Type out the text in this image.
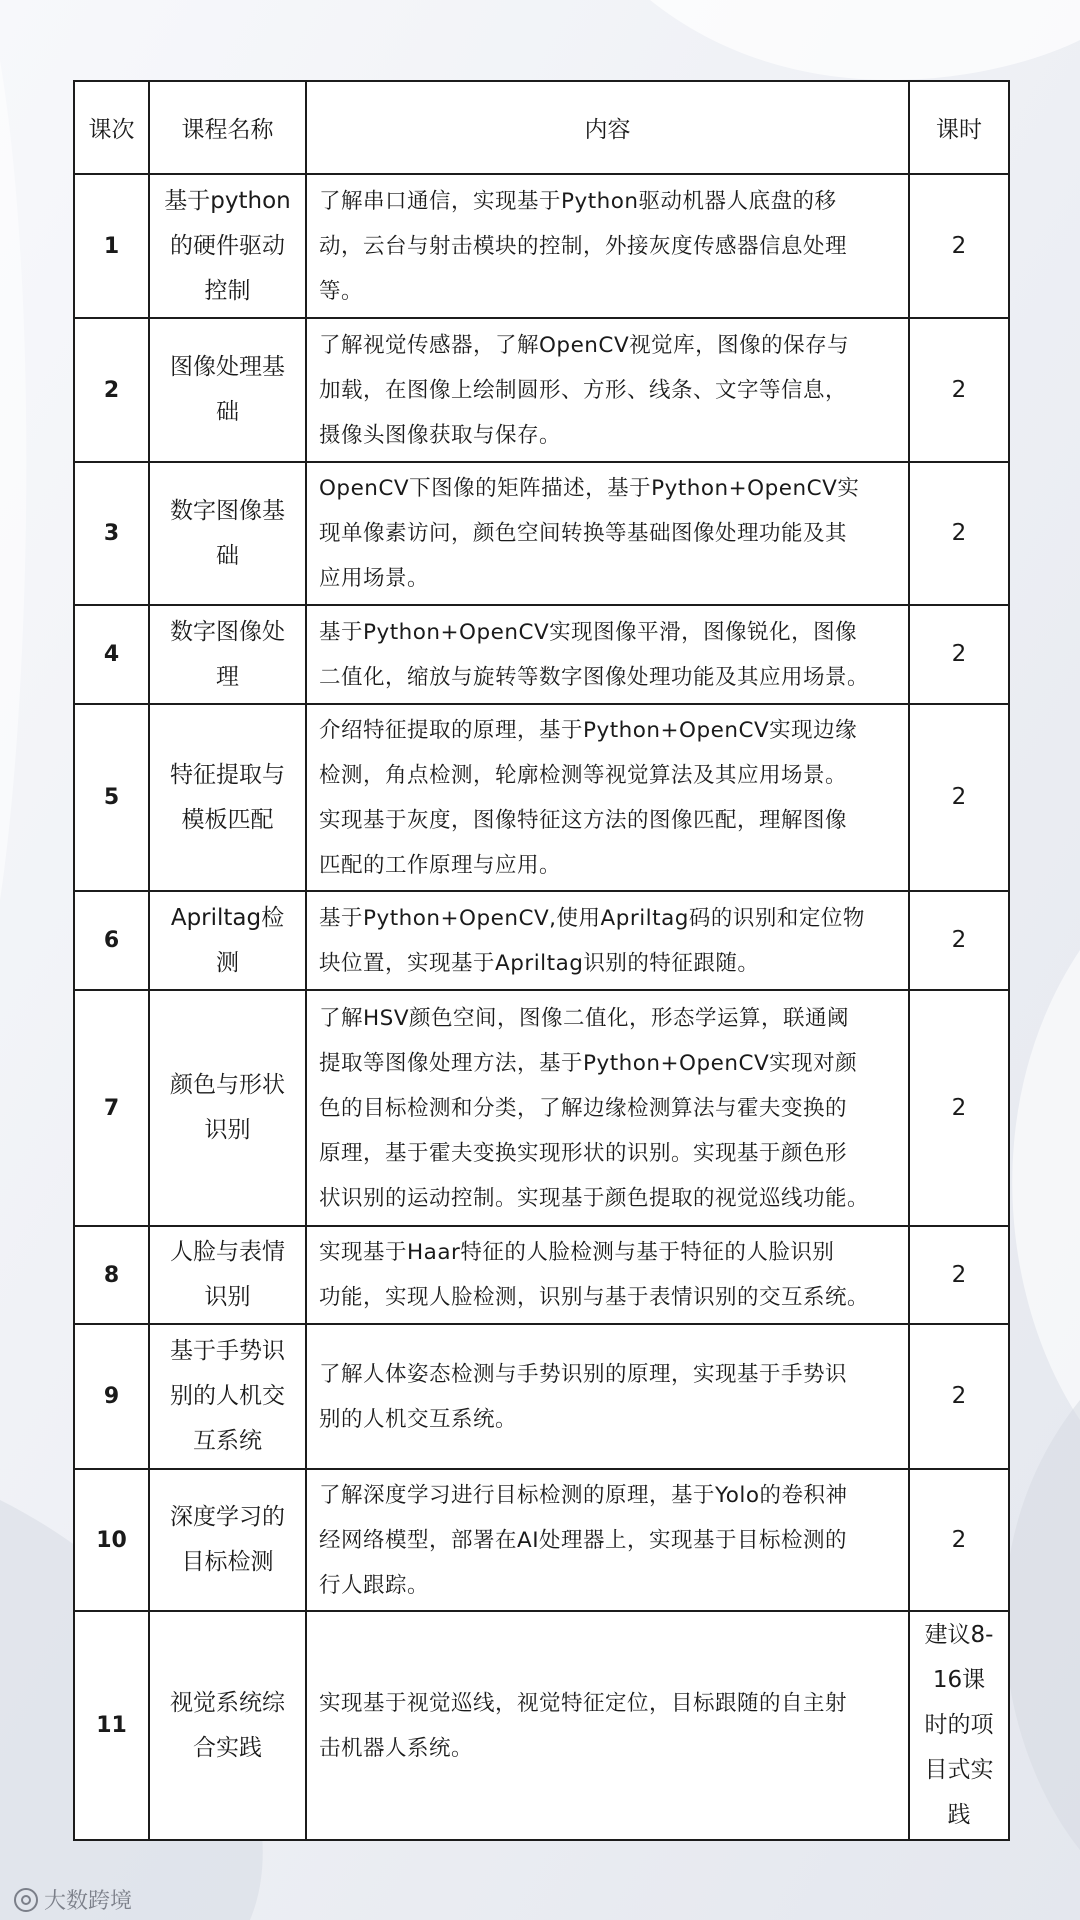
课次	课程名称	内容	课时
1	基于python
的硬件驱动
控制	了解串口通信，实现基于Python驱动机器人底盘的移
动，云台与射击模块的控制，外接灰度传感器信息处理
等。	2
2	图像处理基
础	了解视觉传感器，了解OpenCV视觉库，图像的保存与
加载，在图像上绘制圆形、方形、线条、文字等信息，
摄像头图像获取与保存。	2
3	数字图像基
础	OpenCV下图像的矩阵描述，基于Python+OpenCV实
现单像素访问，颜色空间转换等基础图像处理功能及其
应用场景。	2
4	数字图像处
理	基于Python+OpenCV实现图像平滑，图像锐化，图像
二值化，缩放与旋转等数字图像处理功能及其应用场景。	2
5	特征提取与
模板匹配	介绍特征提取的原理，基于Python+OpenCV实现边缘
检测，角点检测，轮廓检测等视觉算法及其应用场景。
实现基于灰度，图像特征这方法的图像匹配，理解图像
匹配的工作原理与应用。	2
6	Apriltag检测	基于Python+OpenCV,使用Apriltag码的识别和定位物
块位置，实现基于Apriltag识别的特征跟随。	2
7	颜色与形状
识别	了解HSV颜色空间，图像二值化，形态学运算，联通阈
提取等图像处理方法，基于Python+OpenCV实现对颜
色的目标检测和分类，了解边缘检测算法与霍夫变换的
原理，基于霍夫变换实现形状的识别。实现基于颜色形
状识别的运动控制。实现基于颜色提取的视觉巡线功能。	2
8	人脸与表情
识别	实现基于Haar特征的人脸检测与基于特征的人脸识别
功能，实现人脸检测，识别与基于表情识别的交互系统。	2
9	基于手势识
别的人机交
互系统	了解人体姿态检测与手势识别的原理，实现基于手势识
别的人机交互系统。	2
10	深度学习的
目标检测	了解深度学习进行目标检测的原理，基于Yolo的卷积神
经网络模型，部署在AI处理器上，实现基于目标检测的
行人跟踪。	2
11	视觉系统综
合实践	实现基于视觉巡线，视觉特征定位，目标跟随的自主射
击机器人系统。	建议8-
16课
时的项
目式实
践
大数跨境
